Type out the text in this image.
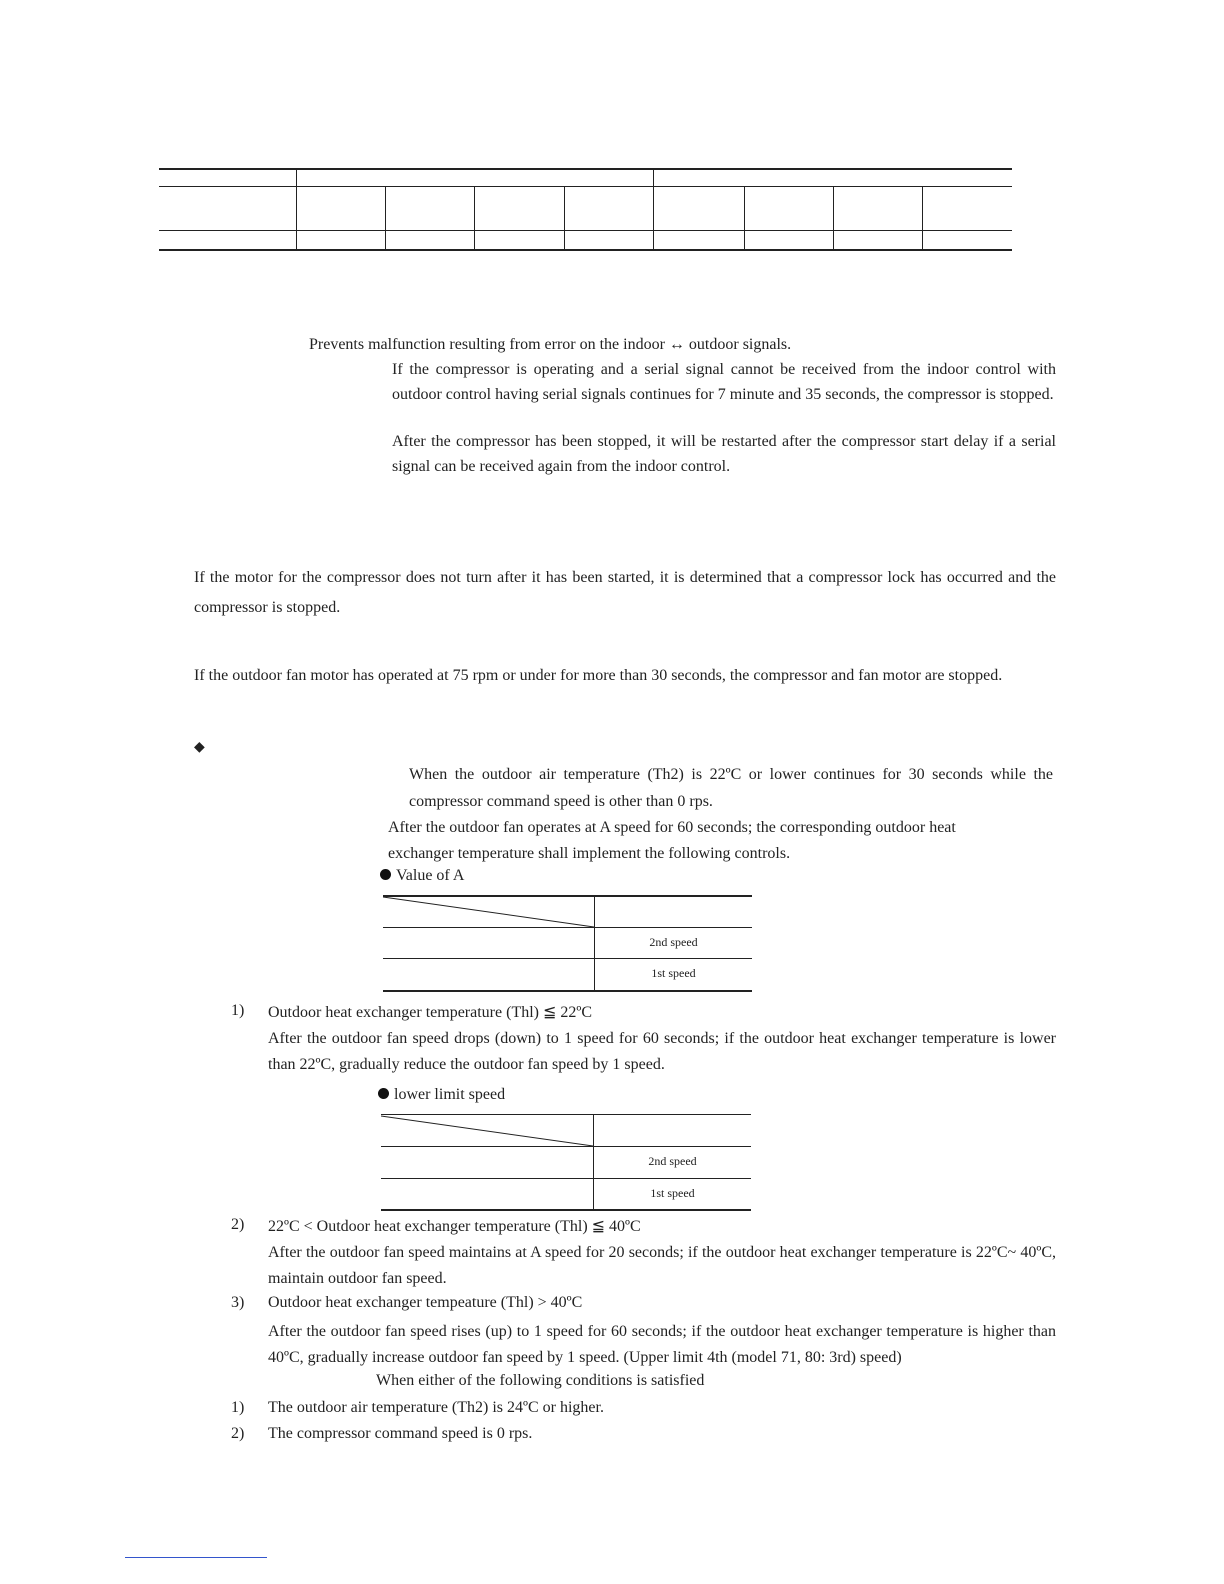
Prevents malfunction resulting from error on the indoor ↔ outdoor signals.
If the compressor is operating and a serial signal cannot be received from the indoor control with outdoor control having serial signals continues for 7 minute and 35 seconds, the compressor is stopped.
After the compressor has been stopped, it will be restarted after the compressor start delay if a serial signal can be received again from the indoor control.
If the motor for the compressor does not turn after it has been started, it is determined that a compressor lock has occurred and the compressor is stopped.
If the outdoor fan motor has operated at 75 rpm or under for more than 30 seconds, the compressor and fan motor are stopped.
◆
When the outdoor air temperature (Th2) is 22ºC or lower continues for 30 seconds while the compressor command speed is other than 0 rps.
After the outdoor fan operates at A speed for 60 seconds; the corresponding outdoor heat exchanger temperature shall implement the following controls.
Value of A
2nd speed
1st speed
1) Outdoor heat exchanger temperature (Thl) ≦ 22ºC
After the outdoor fan speed drops (down) to 1 speed for 60 seconds; if the outdoor heat exchanger temperature is lower than 22ºC, gradually reduce the outdoor fan speed by 1 speed.
lower limit speed
2nd speed
1st speed
2) 22ºC < Outdoor heat exchanger temperature (Thl) ≦ 40ºC
After the outdoor fan speed maintains at A speed for 20 seconds; if the outdoor heat exchanger temperature is 22ºC~ 40ºC, maintain outdoor fan speed.
3) Outdoor heat exchanger tempeature (Thl) > 40ºC
After the outdoor fan speed rises (up) to 1 speed for 60 seconds; if the outdoor heat exchanger temperature is higher than 40ºC, gradually increase outdoor fan speed by 1 speed. (Upper limit 4th (model 71, 80: 3rd) speed)
When either of the following conditions is satisfied
1) The outdoor air temperature (Th2) is 24ºC or higher.
2) The compressor command speed is 0 rps.
